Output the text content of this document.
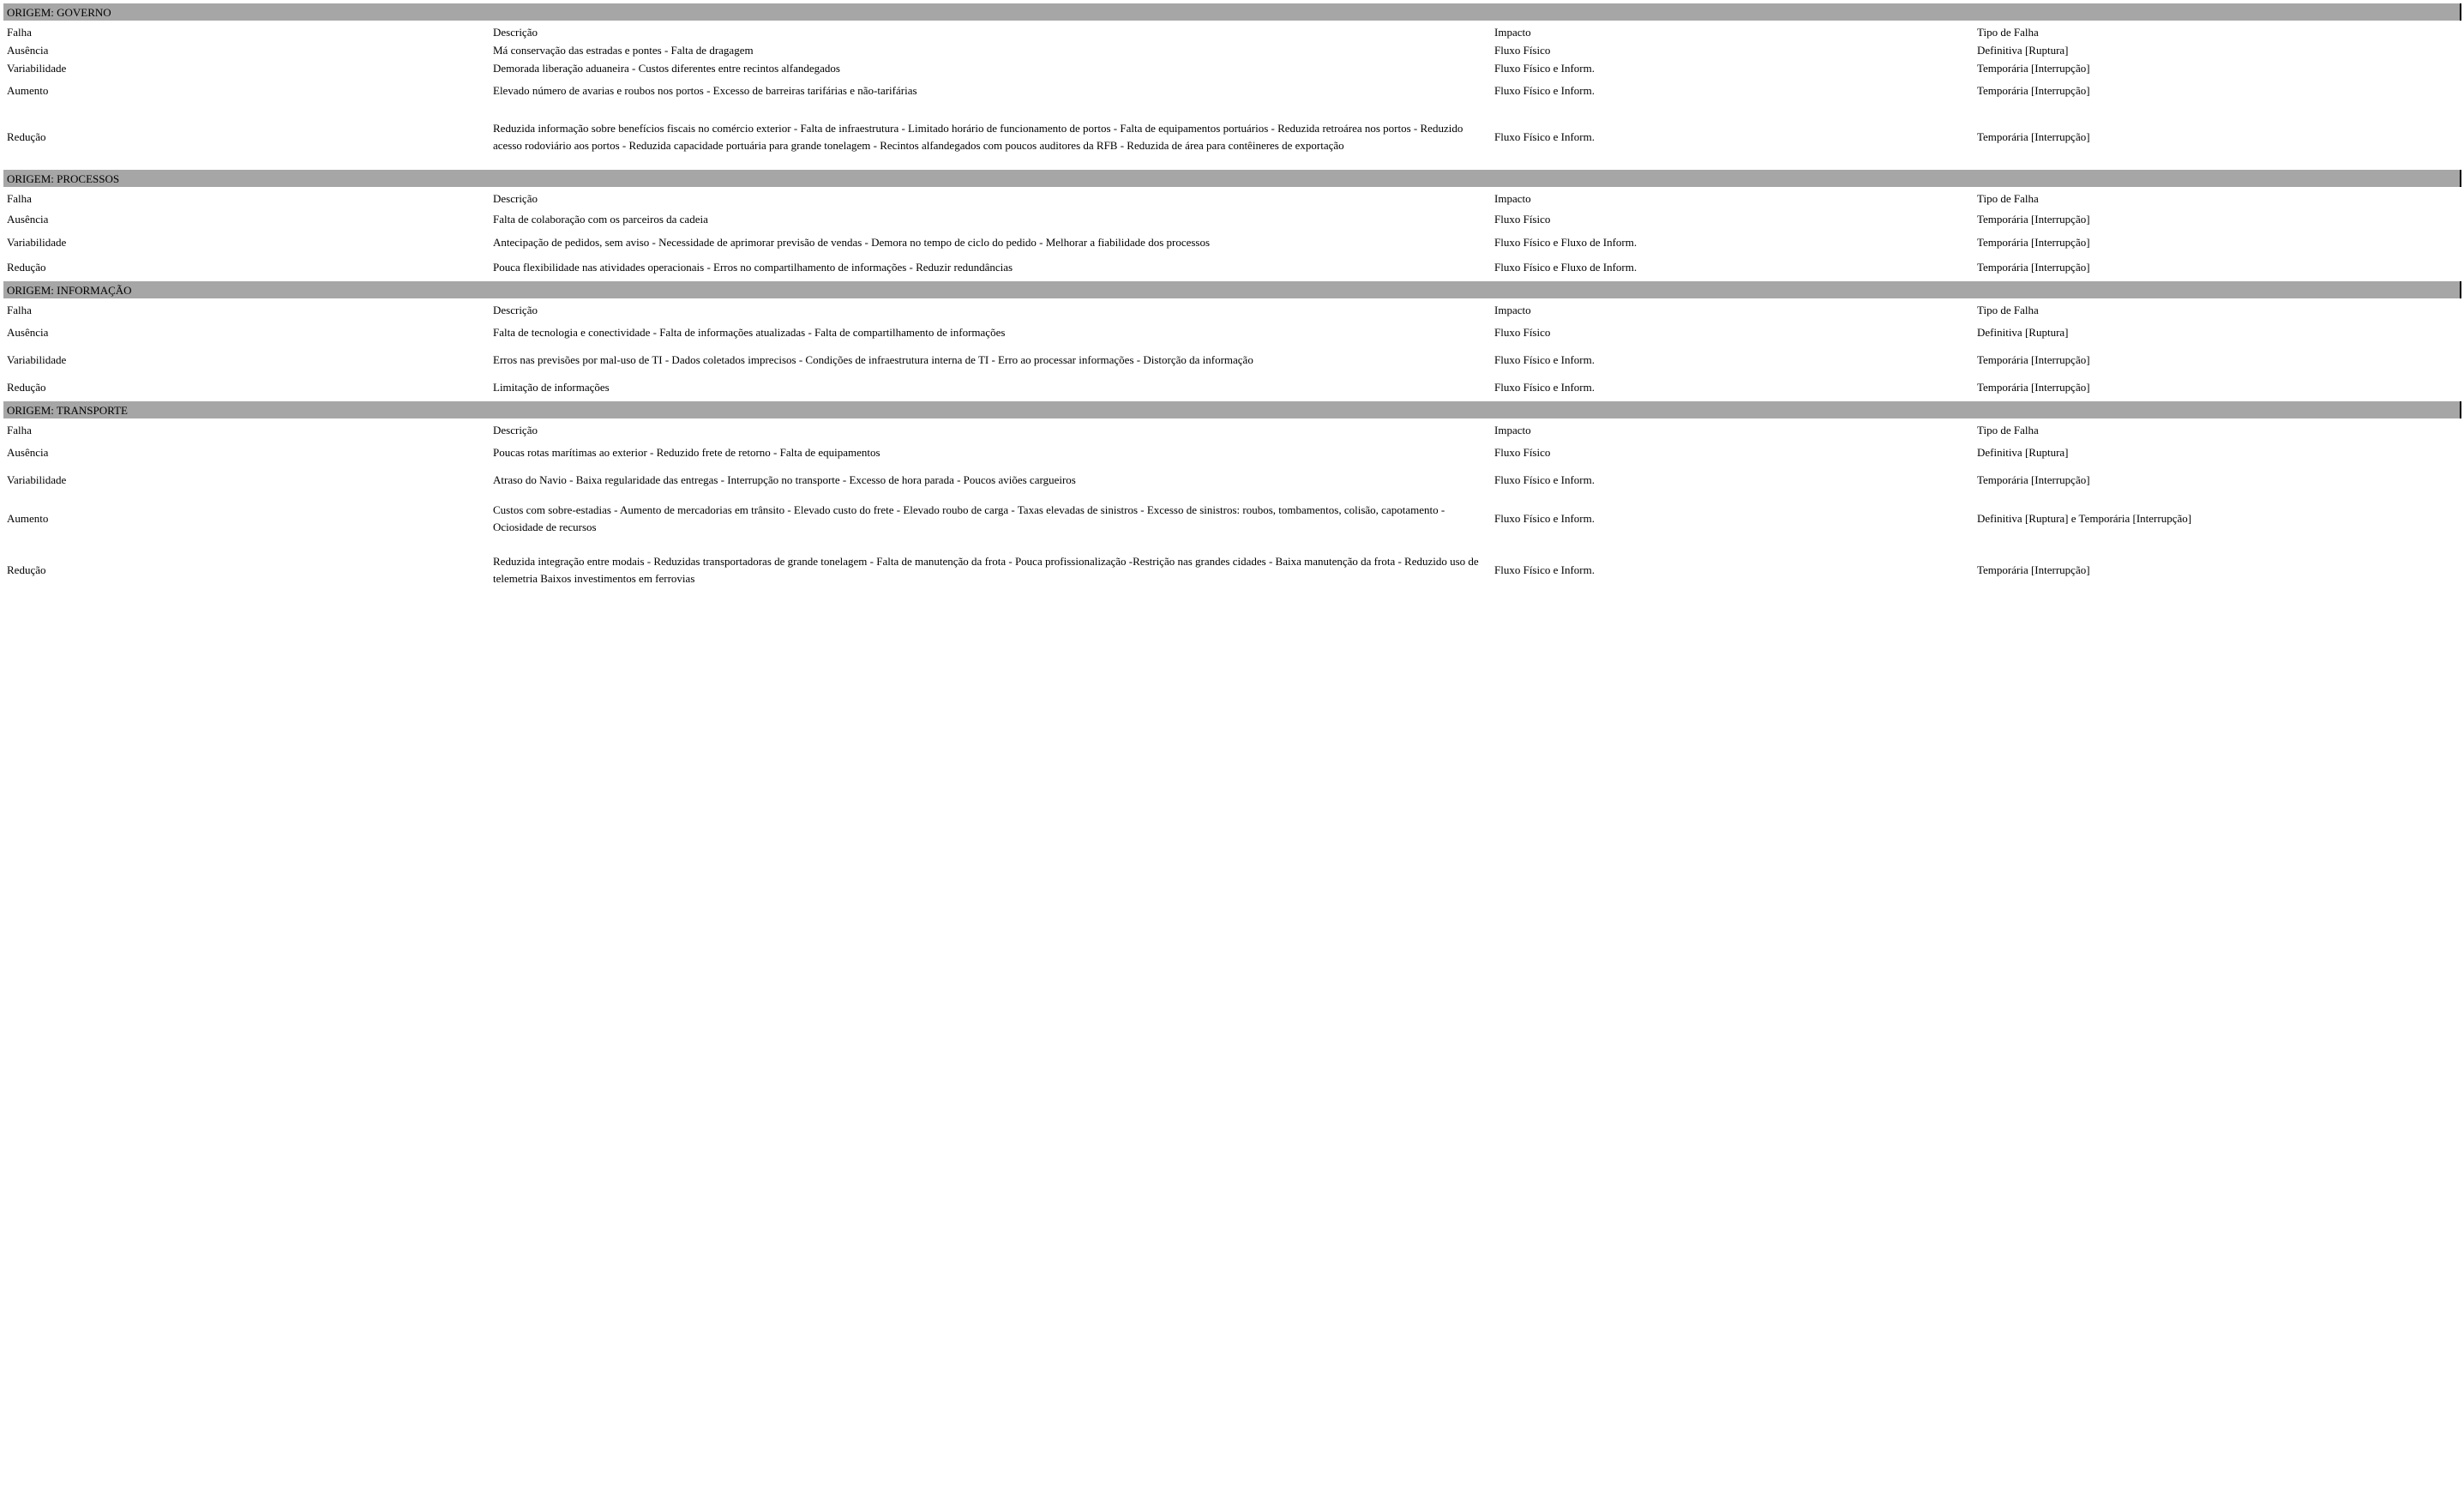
ORIGEM: GOVERNO			
Falha	Descrição	Impacto	Tipo de Falha
Ausência	Má conservação das estradas e pontes - Falta de dragagem	Fluxo Físico	Definitiva [Ruptura]
Variabilidade	Demorada liberação aduaneira - Custos diferentes entre recintos alfandegados	Fluxo Físico e Inform.	Temporária [Interrupção]
Aumento	Elevado número de avarias e roubos nos portos - Excesso de barreiras tarifárias e não-tarifárias	Fluxo Físico e Inform.	Temporária [Interrupção]
Redução	Reduzida informação sobre benefícios fiscais no comércio exterior - Falta de infraestrutura - Limitado horário de funcionamento de portos - Falta de equipamentos portuários - Reduzida retroárea nos portos - Reduzido acesso rodoviário aos portos - Reduzida capacidade portuária para grande tonelagem - Recintos alfandegados com poucos auditores da RFB - Reduzida de área para contêineres de exportação	Fluxo Físico e Inform.	Temporária [Interrupção]
ORIGEM: PROCESSOS			
Falha	Descrição	Impacto	Tipo de Falha
Ausência	Falta de colaboração com os parceiros da cadeia	Fluxo Físico	Temporária [Interrupção]
Variabilidade	Antecipação de pedidos, sem aviso - Necessidade de aprimorar previsão de vendas - Demora no tempo de ciclo do pedido - Melhorar a fiabilidade dos processos	Fluxo Físico e Fluxo de Inform.	Temporária [Interrupção]
Redução	Pouca flexibilidade nas atividades operacionais - Erros no compartilhamento de informações - Reduzir redundâncias	Fluxo Físico e Fluxo de Inform.	Temporária [Interrupção]
ORIGEM: INFORMAÇÃO			
Falha	Descrição	Impacto	Tipo de Falha
Ausência	Falta de tecnologia e conectividade - Falta de informações atualizadas - Falta de compartilhamento de informações	Fluxo Físico	Definitiva [Ruptura]
Variabilidade	Erros nas previsões por mal-uso de TI - Dados coletados imprecisos - Condições de infraestrutura interna de TI - Erro ao processar informações - Distorção da informação	Fluxo Físico e Inform.	Temporária [Interrupção]
Redução	Limitação de informações	Fluxo Físico e Inform.	Temporária [Interrupção]
ORIGEM: TRANSPORTE			
Falha	Descrição	Impacto	Tipo de Falha
Ausência	Poucas rotas marítimas ao exterior - Reduzido frete de retorno - Falta de equipamentos	Fluxo Físico	Definitiva [Ruptura]
Variabilidade	Atraso do Navio - Baixa regularidade das entregas - Interrupção no transporte - Excesso de hora parada - Poucos aviões cargueiros	Fluxo Físico e Inform.	Temporária [Interrupção]
Aumento	Custos com sobre-estadias - Aumento de mercadorias em trânsito - Elevado custo do frete - Elevado roubo de carga - Taxas elevadas de sinistros - Excesso de sinistros: roubos, tombamentos, colisão, capotamento - Ociosidade de recursos	Fluxo Físico e Inform.	Definitiva [Ruptura] e Temporária [Interrupção]
Redução	Reduzida integração entre modais - Reduzidas transportadoras de grande tonelagem - Falta de manutenção da frota - Pouca profissionalização -Restrição nas grandes cidades - Baixa manutenção da frota - Reduzido uso de telemetria Baixos investimentos em ferrovias	Fluxo Físico e Inform.	Temporária [Interrupção]
